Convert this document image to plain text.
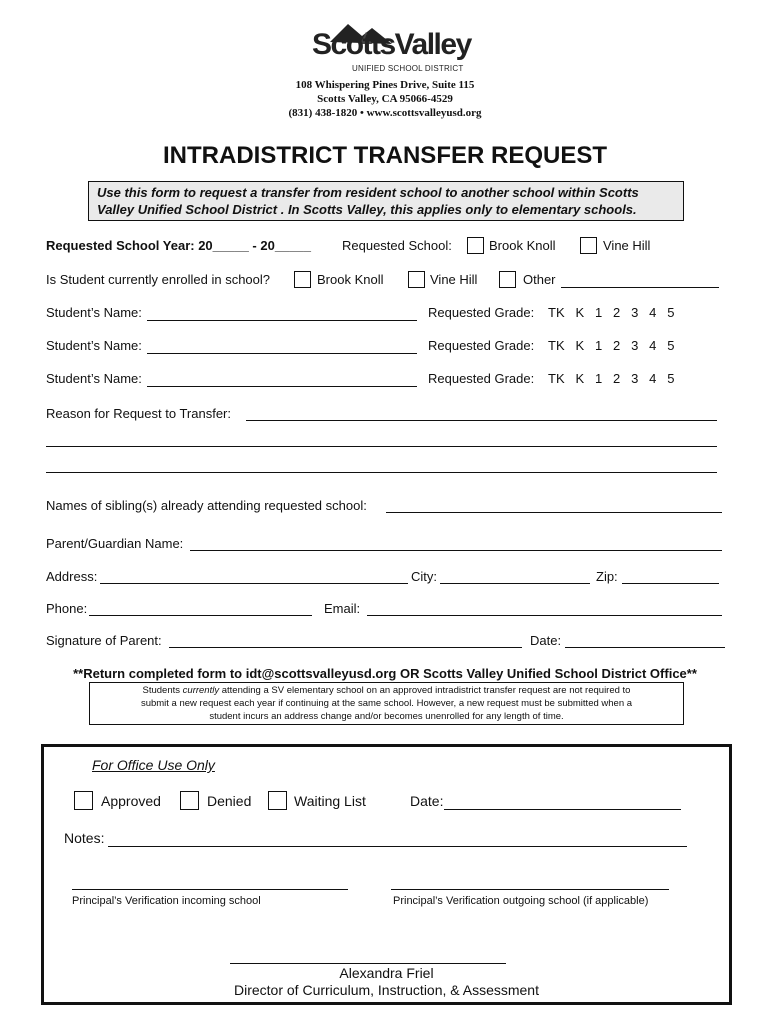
ScottsValley
UNIFIED SCHOOL DISTRICT
108 Whispering Pines Drive, Suite 115
Scotts Valley, CA 95066-4529
(831) 438-1820 • www.scottsvalleyusd.org
INTRADISTRICT TRANSFER REQUEST
Use this form to request a transfer from resident school to another school within Scotts
Valley Unified School District . In Scotts Valley, this applies only to elementary schools.
Requested School Year: 20_____ - 20_____ Requested School:	Brook Knoll	Vine Hill
Is Student currently enrolled in school?	Brook Knoll	Vine Hill	Other
Student’s Name:	Requested Grade: TK   K   1   2   3   4   5
Student’s Name:	Requested Grade: TK   K   1   2   3   4   5
Student’s Name:	Requested Grade: TK   K   1   2   3   4   5
Reason for Request to Transfer:
Names of sibling(s) already attending requested school:
Parent/Guardian Name:
Address:	City:	Zip:
Phone:	Email:
Signature of Parent:	Date:
**Return completed form to idt@scottsvalleyusd.org OR Scotts Valley Unified School District Office**
Students currently attending a SV elementary school on an approved intradistrict transfer request are not required to
submit a new request each year if continuing at the same school. However, a new request must be submitted when a
student incurs an address change and/or becomes unenrolled for any length of time.
For Office Use Only
Approved	Denied	Waiting List	Date:
Notes:
Principal’s Verification incoming school	Principal’s Verification outgoing school (if applicable)
Alexandra Friel
Director of Curriculum, Instruction, & Assessment
